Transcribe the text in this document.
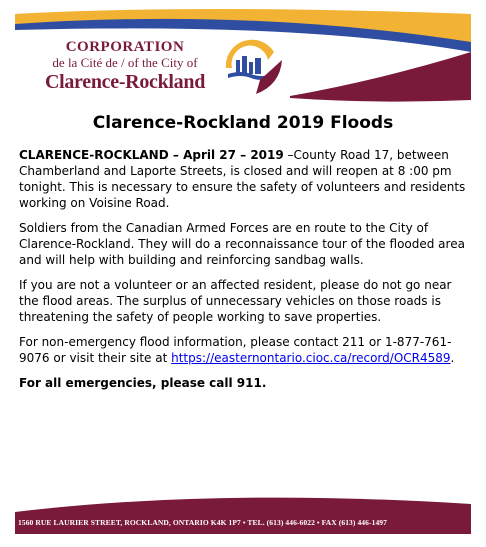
CORPORATION
de la Cité de / of the City of
Clarence-Rockland
Clarence-Rockland 2019 Floods

CLARENCE-ROCKLAND – April 27 – 2019 –County Road 17, between Chamberland and Laporte Streets, is closed and will reopen at 8 :00 pm tonight. This is necessary to ensure the safety of volunteers and residents working on Voisine Road.

Soldiers from the Canadian Armed Forces are en route to the City of Clarence-Rockland. They will do a reconnaissance tour of the flooded area and will help with building and reinforcing sandbag walls.

If you are not a volunteer or an affected resident, please do not go near the flood areas. The surplus of unnecessary vehicles on those roads is threatening the safety of people working to save properties.

For non-emergency flood information, please contact 211 or 1-877-761-9076 or visit their site at https://easternontario.cioc.ca/record/OCR4589.

For all emergencies, please call 911.

1560 RUE LAURIER STREET, ROCKLAND, ONTARIO K4K 1P7 • TEL. (613) 446-6022 • FAX (613) 446-1497
